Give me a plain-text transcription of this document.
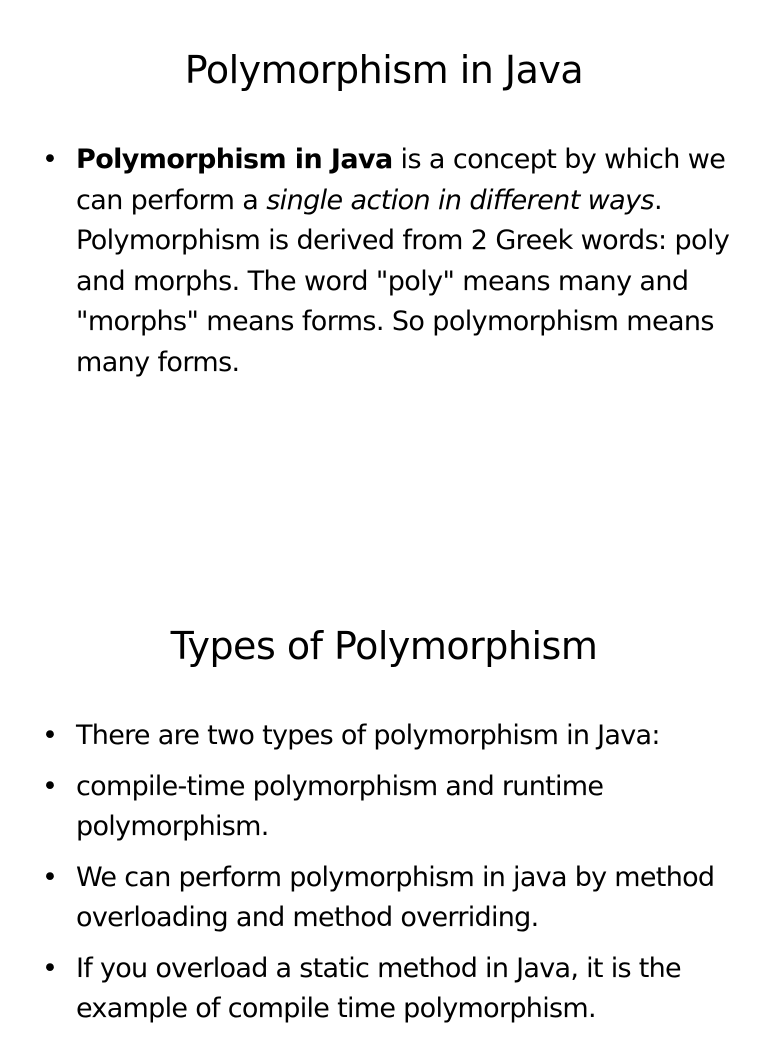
Polymorphism in Java
• Polymorphism in Java is a concept by which we can perform a single action in different ways. Polymorphism is derived from 2 Greek words: poly and morphs. The word "poly" means many and "morphs" means forms. So polymorphism means many forms.
Types of Polymorphism
• There are two types of polymorphism in Java:
• compile-time polymorphism and runtime polymorphism.
• We can perform polymorphism in java by method overloading and method overriding.
• If you overload a static method in Java, it is the example of compile time polymorphism.
